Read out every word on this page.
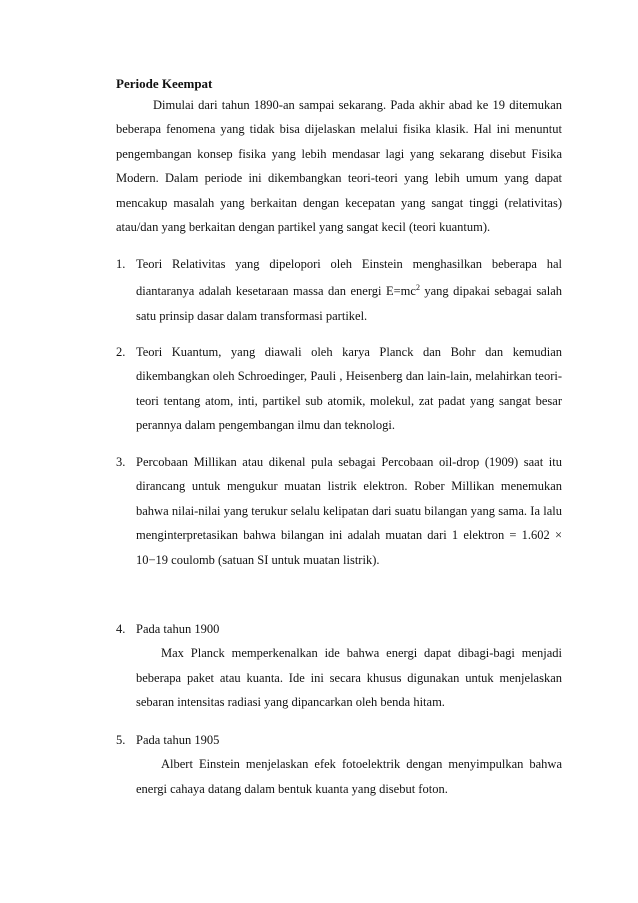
Periode Keempat

Dimulai dari tahun 1890-an sampai sekarang. Pada akhir abad ke 19 ditemukan beberapa fenomena yang tidak bisa dijelaskan melalui fisika klasik. Hal ini menuntut pengembangan konsep fisika yang lebih mendasar lagi yang sekarang disebut Fisika Modern. Dalam periode ini dikembangkan teori-teori yang lebih umum yang dapat mencakup masalah yang berkaitan dengan kecepatan yang sangat tinggi (relativitas) atau/dan yang berkaitan dengan partikel yang sangat kecil (teori kuantum).

1. Teori Relativitas yang dipelopori oleh Einstein menghasilkan beberapa hal diantaranya adalah kesetaraan massa dan energi $E=mc^2$ yang dipakai sebagai salah satu prinsip dasar dalam transformasi partikel.
2. Teori Kuantum, yang diawali oleh karya Planck dan Bohr dan kemudian dikembangkan oleh Schroedinger, Pauli , Heisenberg dan lain-lain, melahirkan teori-teori tentang atom, inti, partikel sub atomik, molekul, zat padat yang sangat besar perannya dalam pengembangan ilmu dan teknologi.
3. Percobaan Millikan atau dikenal pula sebagai Percobaan oil-drop (1909) saat itu dirancang untuk mengukur muatan listrik elektron. Rober Millikan menemukan bahwa nilai-nilai yang terukur selalu kelipatan dari suatu bilangan yang sama. Ia lalu menginterpretasikan bahwa bilangan ini adalah muatan dari 1 elektron = 1.602 × 10−19 coulomb (satuan SI untuk muatan listrik).
4. Pada tahun 1900
Max Planck memperkenalkan ide bahwa energi dapat dibagi-bagi menjadi beberapa paket atau kuanta. Ide ini secara khusus digunakan untuk menjelaskan sebaran intensitas radiasi yang dipancarkan oleh benda hitam.
5. Pada tahun 1905
Albert Einstein menjelaskan efek fotoelektrik dengan menyimpulkan bahwa energi cahaya datang dalam bentuk kuanta yang disebut foton.
